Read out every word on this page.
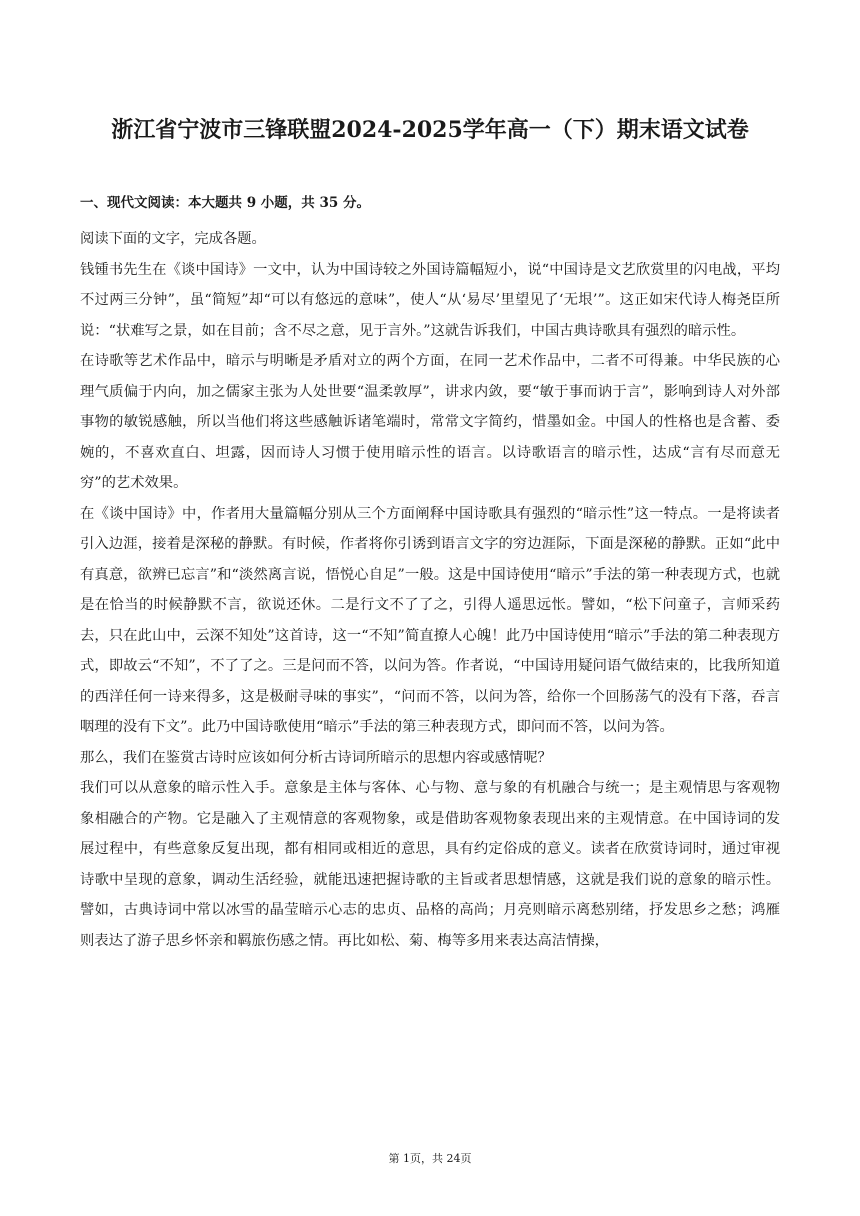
浙江省宁波市三锋联盟2024-2025学年高一（下）期末语文试卷
一、现代文阅读：本大题共 9 小题，共 35 分。

阅读下面的文字，完成各题。

钱锺书先生在《谈中国诗》一文中，认为中国诗较之外国诗篇幅短小，说“中国诗是文艺欣赏里的闪电战，平均不过两三分钟”，虽“简短”却“可以有悠远的意味”，使人“从‘易尽’里望见了‘无垠’”。这正如宋代诗人梅尧臣所说：“状难写之景，如在目前；含不尽之意，见于言外。”这就告诉我们，中国古典诗歌具有强烈的暗示性。

在诗歌等艺术作品中，暗示与明晰是矛盾对立的两个方面，在同一艺术作品中，二者不可得兼。中华民族的心理气质偏于内向，加之儒家主张为人处世要“温柔敦厚”，讲求内敛，要“敏于事而讷于言”，影响到诗人对外部事物的敏锐感触，所以当他们将这些感触诉诸笔端时，常常文字简约，惜墨如金。中国人的性格也是含蓄、委婉的，不喜欢直白、坦露，因而诗人习惯于使用暗示性的语言。以诗歌语言的暗示性，达成“言有尽而意无穷”的艺术效果。

在《谈中国诗》中，作者用大量篇幅分别从三个方面阐释中国诗歌具有强烈的“暗示性”这一特点。一是将读者引入边涯，接着是深秘的静默。有时候，作者将你引诱到语言文字的穷边涯际，下面是深秘的静默。正如“此中有真意，欲辨已忘言”和“淡然离言说，悟悦心自足”一般。这是中国诗使用“暗示”手法的第一种表现方式，也就是在恰当的时候静默不言，欲说还休。二是行文不了了之，引得人遥思远怅。譬如，“松下问童子，言师采药去，只在此山中，云深不知处”这首诗，这一“不知”简直撩人心魄！此乃中国诗使用“暗示”手法的第二种表现方式，即故云“不知”，不了了之。三是问而不答，以问为答。作者说，“中国诗用疑问语气做结束的，比我所知道的西洋任何一诗来得多，这是极耐寻味的事实”，“问而不答，以问为答，给你一个回肠荡气的没有下落，吞言咽理的没有下文”。此乃中国诗歌使用“暗示”手法的第三种表现方式，即问而不答，以问为答。

那么，我们在鉴赏古诗时应该如何分析古诗词所暗示的思想内容或感情呢？

我们可以从意象的暗示性入手。意象是主体与客体、心与物、意与象的有机融合与统一；是主观情思与客观物象相融合的产物。它是融入了主观情意的客观物象，或是借助客观物象表现出来的主观情意。在中国诗词的发展过程中，有些意象反复出现，都有相同或相近的意思，具有约定俗成的意义。读者在欣赏诗词时，通过审视诗歌中呈现的意象，调动生活经验，就能迅速把握诗歌的主旨或者思想情感，这就是我们说的意象的暗示性。譬如，古典诗词中常以冰雪的晶莹暗示心志的忠贞、品格的高尚；月亮则暗示离愁别绪，抒发思乡之愁；鸿雁则表达了游子思乡怀亲和羁旅伤感之情。再比如松、菊、梅等多用来表达高洁情操，

第 1页，共 24页
